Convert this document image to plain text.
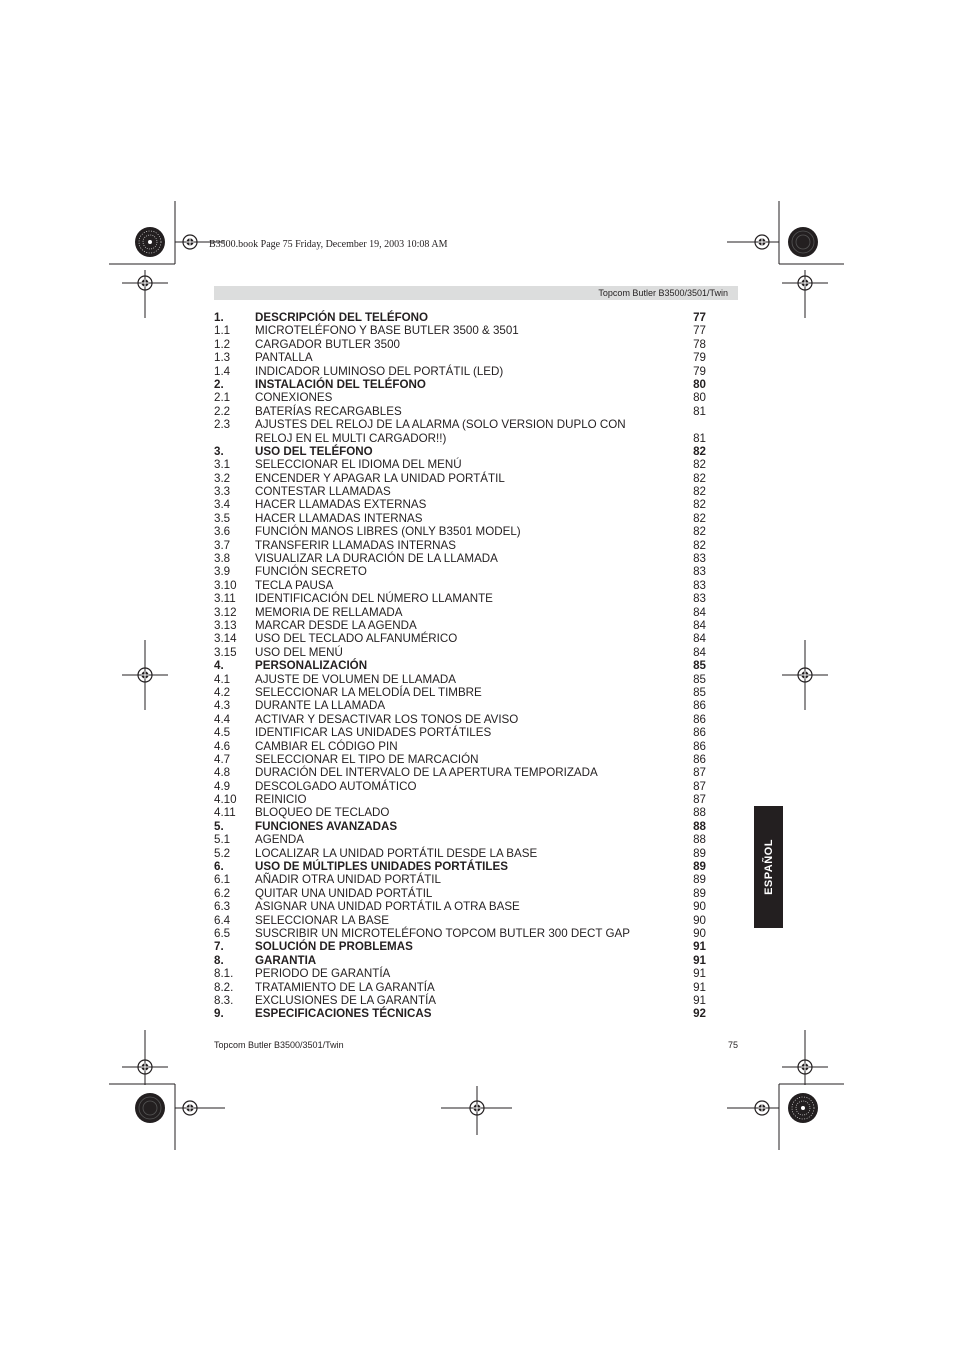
B3500.book Page 75 Friday, December 19, 2003 10:08 AM
Topcom Butler B3500/3501/Twin
1.	DESCRIPCIÓN DEL TELÉFONO	77
1.1 MICROTELÉFONO Y BASE BUTLER 3500 & 3501	77
1.2 CARGADOR BUTLER 3500	78
1.3 PANTALLA	79
1.4 INDICADOR LUMINOSO DEL PORTÁTIL (LED)	79
2.	INSTALACIÓN DEL TELÉFONO	80
2.1 CONEXIONES	80
2.2 BATERÍAS RECARGABLES	81
2.3 AJUSTES DEL RELOJ DE LA ALARMA (SOLO VERSION DUPLO CON
RELOJ EN EL MULTI CARGADOR!!)	81
3.	USO DEL TELÉFONO	82
3.1 SELECCIONAR EL IDIOMA DEL MENÚ	82
3.2 ENCENDER Y APAGAR LA UNIDAD PORTÁTIL	82
3.3 CONTESTAR LLAMADAS	82
3.4 HACER LLAMADAS EXTERNAS	82
3.5 HACER LLAMADAS INTERNAS	82
3.6 FUNCIÓN MANOS LIBRES (ONLY B3501 MODEL)	82
3.7 TRANSFERIR LLAMADAS INTERNAS	82
3.8 VISUALIZAR LA DURACIÓN DE LA LLAMADA	83
3.9 FUNCIÓN SECRETO	83
3.10 TECLA PAUSA	83
3.11 IDENTIFICACIÓN DEL NÚMERO LLAMANTE	83
3.12 MEMORIA DE RELLAMADA	84
3.13 MARCAR DESDE LA AGENDA	84
3.14 USO DEL TECLADO ALFANUMÉRICO	84
3.15 USO DEL MENÚ	84
4.	PERSONALIZACIÓN	85
4.1 AJUSTE DE VOLUMEN DE LLAMADA	85
4.2 SELECCIONAR LA MELODÍA DEL TIMBRE	85
4.3 DURANTE LA LLAMADA	86
4.4 ACTIVAR Y DESACTIVAR LOS TONOS DE AVISO	86
4.5 IDENTIFICAR LAS UNIDADES PORTÁTILES	86
4.6 CAMBIAR EL CÓDIGO PIN	86
4.7 SELECCIONAR EL TIPO DE MARCACIÓN	86
4.8 DURACIÓN DEL INTERVALO DE LA APERTURA TEMPORIZADA	87
4.9 DESCOLGADO AUTOMÁTICO	87
4.10 REINICIO	87
4.11 BLOQUEO DE TECLADO	88
5.	FUNCIONES AVANZADAS	88
5.1 AGENDA	88
5.2 LOCALIZAR LA UNIDAD PORTÁTIL DESDE LA BASE	89
6.	USO DE MÚLTIPLES UNIDADES PORTÁTILES	89
6.1 AÑADIR OTRA UNIDAD PORTÁTIL	89
6.2 QUITAR UNA UNIDAD PORTÁTIL	89
6.3 ASIGNAR UNA UNIDAD PORTÁTIL A OTRA BASE	90
6.4 SELECCIONAR LA BASE	90
6.5 SUSCRIBIR UN MICROTELÉFONO TOPCOM BUTLER 300 DECT GAP	90
7.	SOLUCIÓN DE PROBLEMAS	91
8.	GARANTIA	91
8.1. PERIODO DE GARANTÍA	91
8.2. TRATAMIENTO DE LA GARANTÍA	91
8.3. EXCLUSIONES DE LA GARANTÍA	91
9.	ESPECIFICACIONES TÉCNICAS	92
ESPAÑOL
Topcom Butler B3500/3501/Twin	75
